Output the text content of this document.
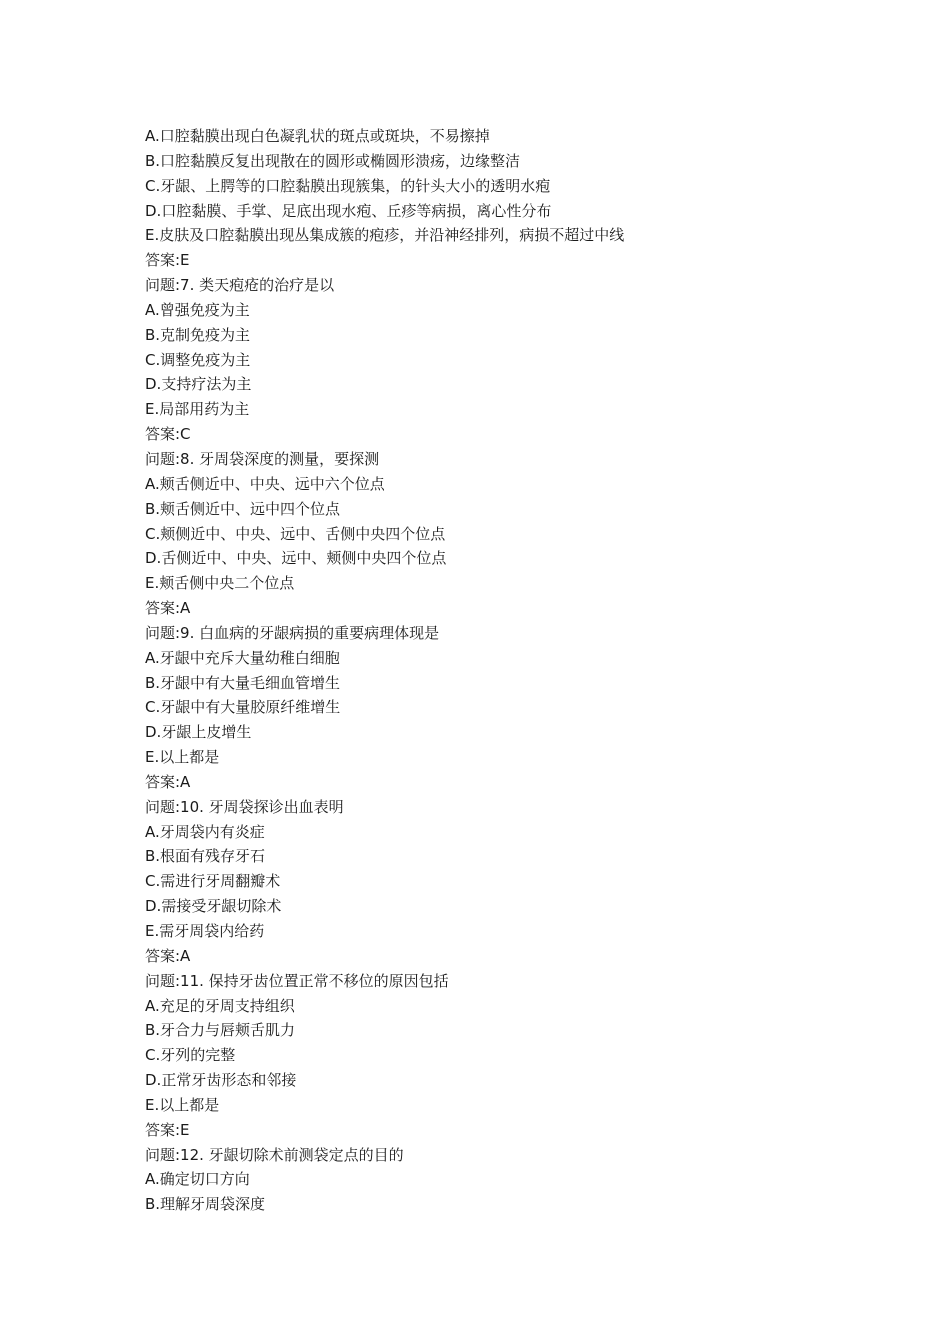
A.口腔黏膜出现白色凝乳状的斑点或斑块，不易擦掉

B.口腔黏膜反复出现散在的圆形或椭圆形溃疡，边缘整洁

C.牙龈、上腭等的口腔黏膜出现簇集，的针头大小的透明水疱

D.口腔黏膜、手掌、足底出现水疱、丘疹等病损，离心性分布

E.皮肤及口腔黏膜出现丛集成簇的疱疹，并沿神经排列，病损不超过中线

答案:E

问题:7. 类天疱疮的治疗是以

A.曾强免疫为主

B.克制免疫为主

C.调整免疫为主

D.支持疗法为主

E.局部用药为主

答案:C

问题:8. 牙周袋深度的测量，要探测

A.颊舌侧近中、中央、远中六个位点

B.颊舌侧近中、远中四个位点

C.颊侧近中、中央、远中、舌侧中央四个位点

D.舌侧近中、中央、远中、颊侧中央四个位点

E.颊舌侧中央二个位点

答案:A

问题:9. 白血病的牙龈病损的重要病理体现是

A.牙龈中充斥大量幼稚白细胞

B.牙龈中有大量毛细血管增生

C.牙龈中有大量胶原纤维增生

D.牙龈上皮增生

E.以上都是

答案:A

问题:10. 牙周袋探诊出血表明

A.牙周袋内有炎症

B.根面有残存牙石

C.需进行牙周翻瓣术

D.需接受牙龈切除术

E.需牙周袋内给药

答案:A

问题:11. 保持牙齿位置正常不移位的原因包括

A.充足的牙周支持组织

B.牙合力与唇颊舌肌力

C.牙列的完整

D.正常牙齿形态和邻接

E.以上都是

答案:E

问题:12. 牙龈切除术前测袋定点的目的

A.确定切口方向

B.理解牙周袋深度
